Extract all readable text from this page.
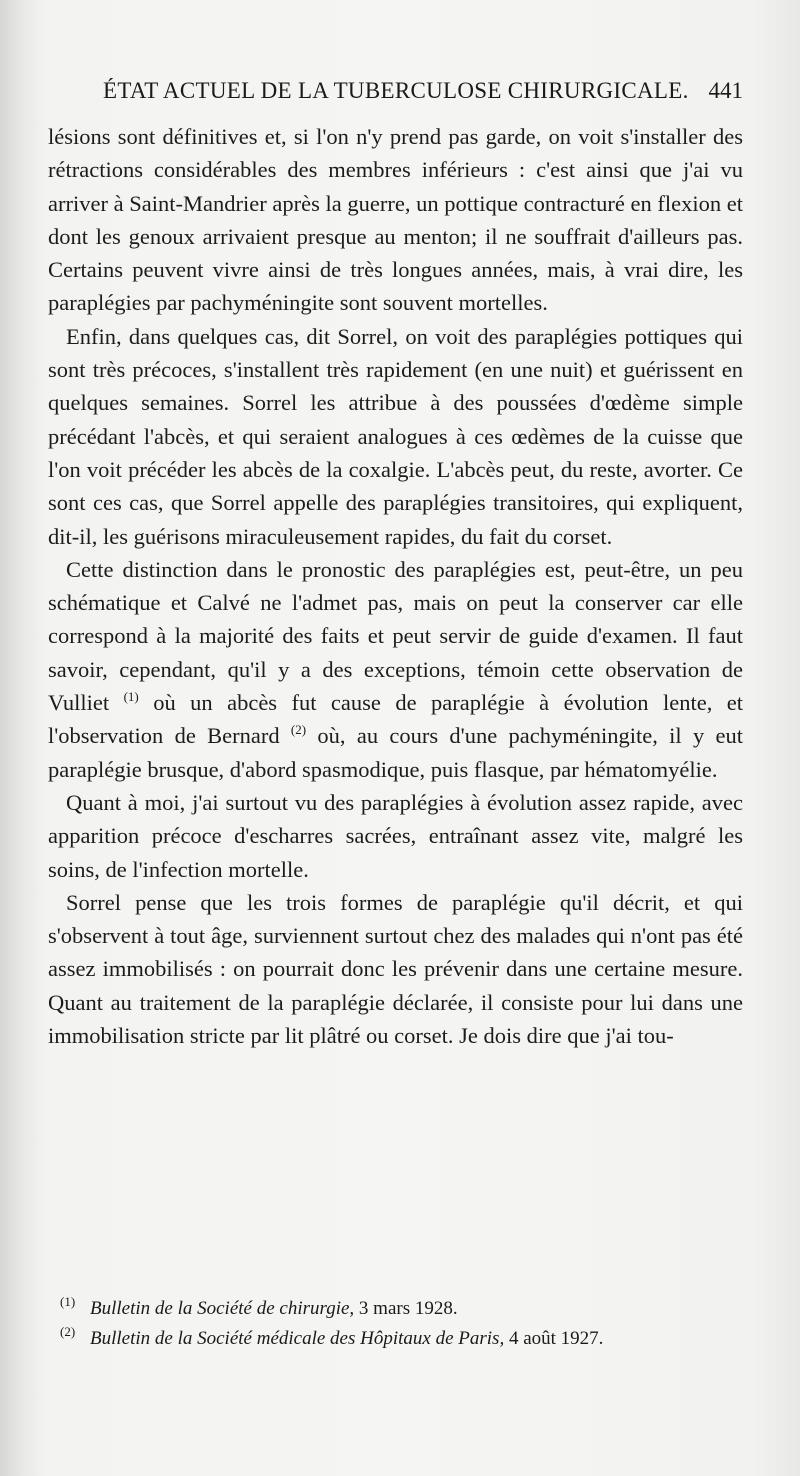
ÉTAT ACTUEL DE LA TUBERCULOSE CHIRURGICALE. 441

lésions sont définitives et, si l'on n'y prend pas garde, on voit s'installer des rétractions considérables des membres inférieurs : c'est ainsi que j'ai vu arriver à Saint-Mandrier après la guerre, un pottique contracturé en flexion et dont les genoux arrivaient presque au menton; il ne souffrait d'ailleurs pas. Certains peuvent vivre ainsi de très longues années, mais, à vrai dire, les paraplégies par pachyméningite sont souvent mortelles.

Enfin, dans quelques cas, dit Sorrel, on voit des paraplégies pottiques qui sont très précoces, s'installent très rapidement (en une nuit) et guérissent en quelques semaines. Sorrel les attribue à des poussées d'œdème simple précédant l'abcès, et qui seraient analogues à ces œdèmes de la cuisse que l'on voit précéder les abcès de la coxalgie. L'abcès peut, du reste, avorter. Ce sont ces cas, que Sorrel appelle des paraplégies transitoires, qui expliquent, dit-il, les guérisons miraculeusement rapides, du fait du corset.

Cette distinction dans le pronostic des paraplégies est, peut-être, un peu schématique et Calvé ne l'admet pas, mais on peut la conserver car elle correspond à la majorité des faits et peut servir de guide d'examen. Il faut savoir, cependant, qu'il y a des exceptions, témoin cette observation de Vulliet $^{(1)}$ où un abcès fut cause de paraplégie à évolution lente, et l'observation de Bernard $^{(2)}$ où, au cours d'une pachyméningite, il y eut paraplégie brusque, d'abord spasmodique, puis flasque, par hématomyélie.

Quant à moi, j'ai surtout vu des paraplégies à évolution assez rapide, avec apparition précoce d'escharres sacrées, entraînant assez vite, malgré les soins, de l'infection mortelle.

Sorrel pense que les trois formes de paraplégie qu'il décrit, et qui s'observent à tout âge, surviennent surtout chez des malades qui n'ont pas été assez immobilisés : on pourrait donc les prévenir dans une certaine mesure. Quant au traitement de la paraplégie déclarée, il consiste pour lui dans une immobilisation stricte par lit plâtré ou corset. Je dois dire que j'ai tou-

(1) Bulletin de la Société de chirurgie, 3 mars 1928.
(2) Bulletin de la Société médicale des Hôpitaux de Paris, 4 août 1927.
